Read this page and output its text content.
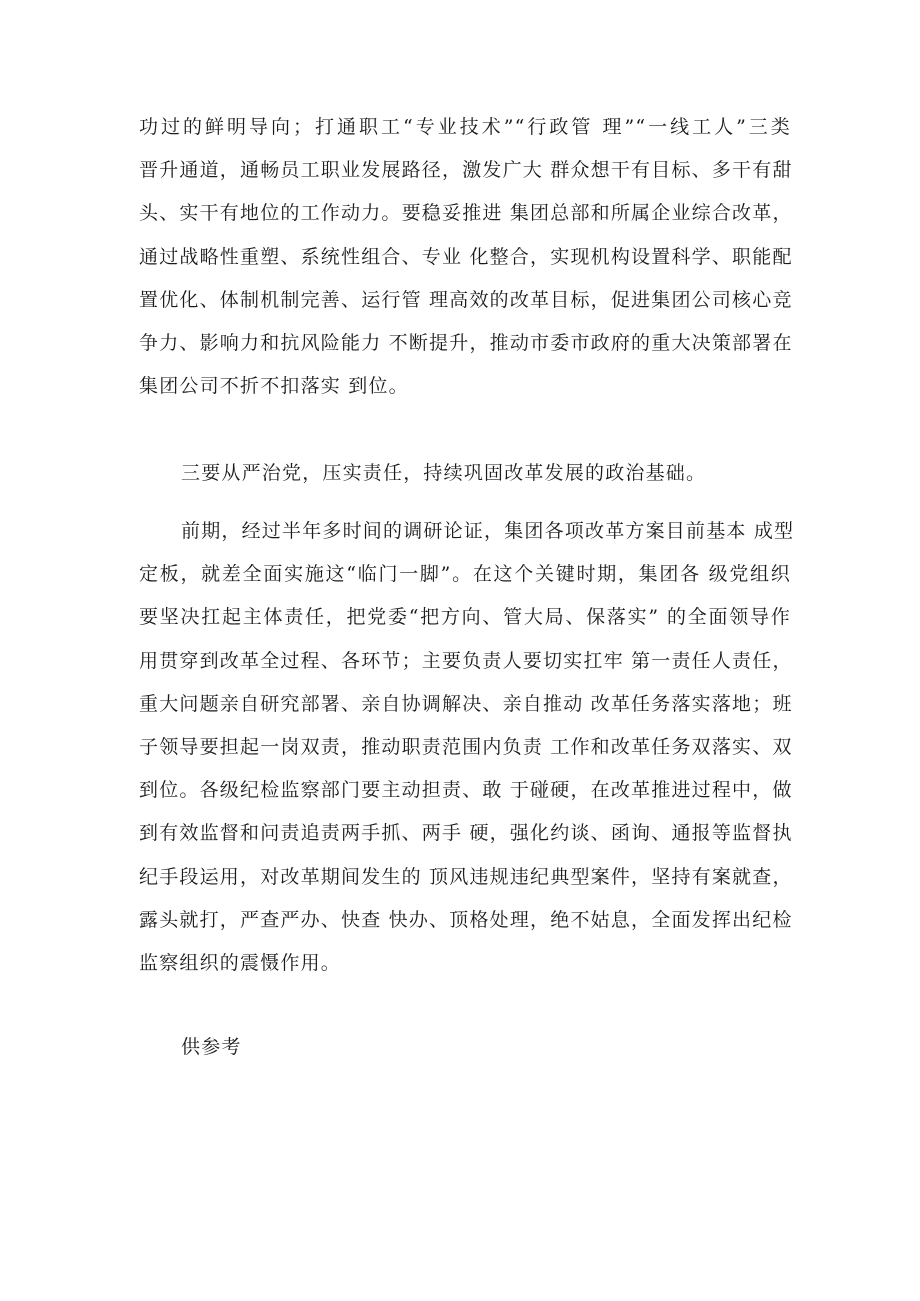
功过的鲜明导向；打通职工“专业技术”“行政管 理”“一线工人”三类
晋升通道，通畅员工职业发展路径，激发广大 群众想干有目标、多干有甜
头、实干有地位的工作动力。要稳妥推进 集团总部和所属企业综合改革，
通过战略性重塑、系统性组合、专业 化整合，实现机构设置科学、职能配
置优化、体制机制完善、运行管 理高效的改革目标，促进集团公司核心竞
争力、影响力和抗风险能力 不断提升，推动市委市政府的重大决策部署在
集团公司不折不扣落实 到位。
三要从严治党，压实责任，持续巩固改革发展的政治基础。
前期，经过半年多时间的调研论证，集团各项改革方案目前基本 成型
定板，就差全面实施这“临门一脚”。在这个关键时期，集团各 级党组织
要坚决扛起主体责任，把党委“把方向、管大局、保落实” 的全面领导作
用贯穿到改革全过程、各环节；主要负责人要切实扛牢 第一责任人责任，
重大问题亲自研究部署、亲自协调解决、亲自推动 改革任务落实落地；班
子领导要担起一岗双责，推动职责范围内负责 工作和改革任务双落实、双
到位。各级纪检监察部门要主动担责、敢 于碰硬，在改革推进过程中，做
到有效监督和问责追责两手抓、两手 硬，强化约谈、函询、通报等监督执
纪手段运用，对改革期间发生的 顶风违规违纪典型案件，坚持有案就查，
露头就打，严查严办、快查 快办、顶格处理，绝不姑息，全面发挥出纪检
监察组织的震慑作用。
供参考
